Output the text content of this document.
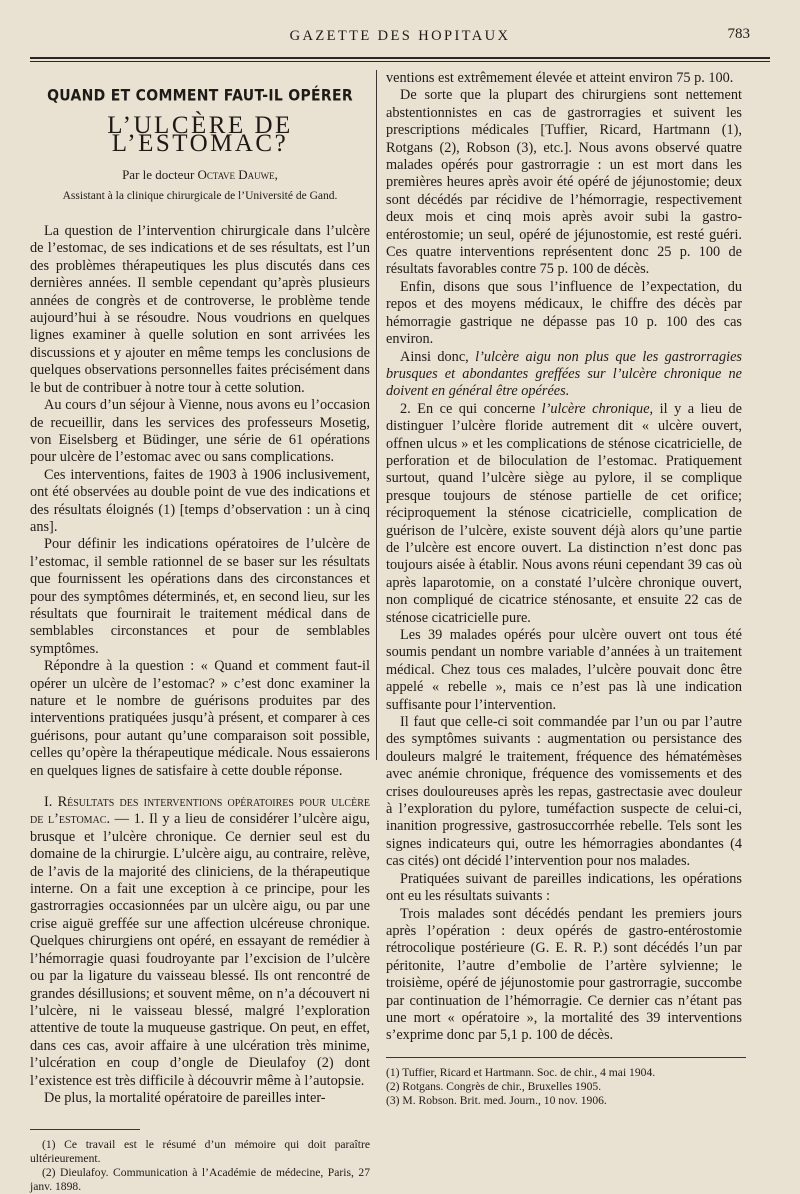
GAZETTE DES HOPITAUX	783
QUAND ET COMMENT FAUT-IL OPÉRER
L’ULCÈRE DE L’ESTOMAC?
Par le docteur Octave Dauwe,
Assistant à la clinique chirurgicale de l’Université de Gand.

La question de l’intervention chirurgicale dans l’ulcère de l’estomac, de ses indications et de ses résultats, est l’un des problèmes thérapeutiques les plus discutés dans ces dernières années. Il semble cependant qu’après plusieurs années de congrès et de controverse, le problème tende aujourd’hui à se résoudre. Nous voudrions en quelques lignes examiner à quelle solution en sont arrivées les discussions et y ajouter en même temps les conclusions de quelques observations personnelles faites précisément dans le but de contribuer à notre tour à cette solution.

Au cours d’un séjour à Vienne, nous avons eu l’occasion de recueillir, dans les services des professeurs Mosetig, von Eiselsberg et Büdinger, une série de 61 opérations pour ulcère de l’estomac avec ou sans complications.

Ces interventions, faites de 1903 à 1906 inclusivement, ont été observées au double point de vue des indications et des résultats éloignés (1) [temps d’observation : un à cinq ans].

Pour définir les indications opératoires de l’ulcère de l’estomac, il semble rationnel de se baser sur les résultats que fournissent les opérations dans des circonstances et pour des symptômes déterminés, et, en second lieu, sur les résultats que fournirait le traitement médical dans de semblables circonstances et pour de semblables symptômes.

Répondre à la question : « Quand et comment faut-il opérer un ulcère de l’estomac? » c’est donc examiner la nature et le nombre de guérisons produites par des interventions pratiquées jusqu’à présent, et comparer à ces guérisons, pour autant qu’une comparaison soit possible, celles qu’opère la thérapeutique médicale. Nous essaierons en quelques lignes de satisfaire à cette double réponse.

I. Résultats des interventions opératoires pour ulcère de l’estomac. — 1. Il y a lieu de considérer l’ulcère aigu, brusque et l’ulcère chronique. Ce dernier seul est du domaine de la chirurgie. L’ulcère aigu, au contraire, relève, de l’avis de la majorité des cliniciens, de la thérapeutique interne. On a fait une exception à ce principe, pour les gastrorragies occasionnées par un ulcère aigu, ou par une crise aiguë greffée sur une affection ulcéreuse chronique. Quelques chirurgiens ont opéré, en essayant de remédier à l’hémorragie quasi foudroyante par l’excision de l’ulcère ou par la ligature du vaisseau blessé. Ils ont rencontré de grandes désillusions; et souvent même, on n’a découvert ni l’ulcère, ni le vaisseau blessé, malgré l’exploration attentive de toute la muqueuse gastrique. On peut, en effet, dans ces cas, avoir affaire à une ulcération très minime, l’ulcération en coup d’ongle de Dieulafoy (2) dont l’existence est très difficile à découvrir même à l’autopsie.

De plus, la mortalité opératoire de pareilles inter-

(1) Ce travail est le résumé d’un mémoire qui doit paraître ultérieurement.

(2) Dieulafoy. Communication à l’Académie de médecine, Paris, 27 janv. 1898.

ventions est extrêmement élevée et atteint environ 75 p. 100.

De sorte que la plupart des chirurgiens sont nettement abstentionnistes en cas de gastrorragies et suivent les prescriptions médicales [Tuffier, Ricard, Hartmann (1), Rotgans (2), Robson (3), etc.]. Nous avons observé quatre malades opérés pour gastrorragie : un est mort dans les premières heures après avoir été opéré de jéjunostomie; deux sont décédés par récidive de l’hémorragie, respectivement deux mois et cinq mois après avoir subi la gastro-entérostomie; un seul, opéré de jéjunostomie, est resté guéri. Ces quatre interventions représentent donc 25 p. 100 de résultats favorables contre 75 p. 100 de décès.

Enfin, disons que sous l’influence de l’expectation, du repos et des moyens médicaux, le chiffre des décès par hémorragie gastrique ne dépasse pas 10 p. 100 des cas environ.

Ainsi donc, l’ulcère aigu non plus que les gastrorragies brusques et abondantes greffées sur l’ulcère chronique ne doivent en général être opérées.

2. En ce qui concerne l’ulcère chronique, il y a lieu de distinguer l’ulcère floride autrement dit « ulcère ouvert, offnen ulcus » et les complications de sténose cicatricielle, de perforation et de biloculation de l’estomac. Pratiquement surtout, quand l’ulcère siège au pylore, il se complique presque toujours de sténose partielle de cet orifice; réciproquement la sténose cicatricielle, complication de guérison de l’ulcère, existe souvent déjà alors qu’une partie de l’ulcère est encore ouvert. La distinction n’est donc pas toujours aisée à établir. Nous avons réuni cependant 39 cas où après laparotomie, on a constaté l’ulcère chronique ouvert, non compliqué de cicatrice sténosante, et ensuite 22 cas de sténose cicatricielle pure.

Les 39 malades opérés pour ulcère ouvert ont tous été soumis pendant un nombre variable d’années à un traitement médical. Chez tous ces malades, l’ulcère pouvait donc être appelé « rebelle », mais ce n’est pas là une indication suffisante pour l’intervention.

Il faut que celle-ci soit commandée par l’un ou par l’autre des symptômes suivants : augmentation ou persistance des douleurs malgré le traitement, fréquence des hématémèses avec anémie chronique, fréquence des vomissements et des crises douloureuses après les repas, gastrectasie avec douleur à l’exploration du pylore, tuméfaction suspecte de celui-ci, inanition progressive, gastrosuccorrhée rebelle. Tels sont les signes indicateurs qui, outre les hémorragies abondantes (4 cas cités) ont décidé l’intervention pour nos malades.

Pratiquées suivant de pareilles indications, les opérations ont eu les résultats suivants :

Trois malades sont décédés pendant les premiers jours après l’opération : deux opérés de gastro-entérostomie rétrocolique postérieure (G. E. R. P.) sont décédés l’un par péritonite, l’autre d’embolie de l’artère sylvienne; le troisième, opéré de jéjunostomie pour gastrorragie, succombe par continuation de l’hémorragie. Ce dernier cas n’étant pas une mort « opératoire », la mortalité des 39 interventions s’exprime donc par 5,1 p. 100 de décès.

(1) Tuffier, Ricard et Hartmann. Soc. de chir., 4 mai 1904.

(2) Rotgans. Congrès de chir., Bruxelles 1905.

(3) M. Robson. Brit. med. Journ., 10 nov. 1906.
